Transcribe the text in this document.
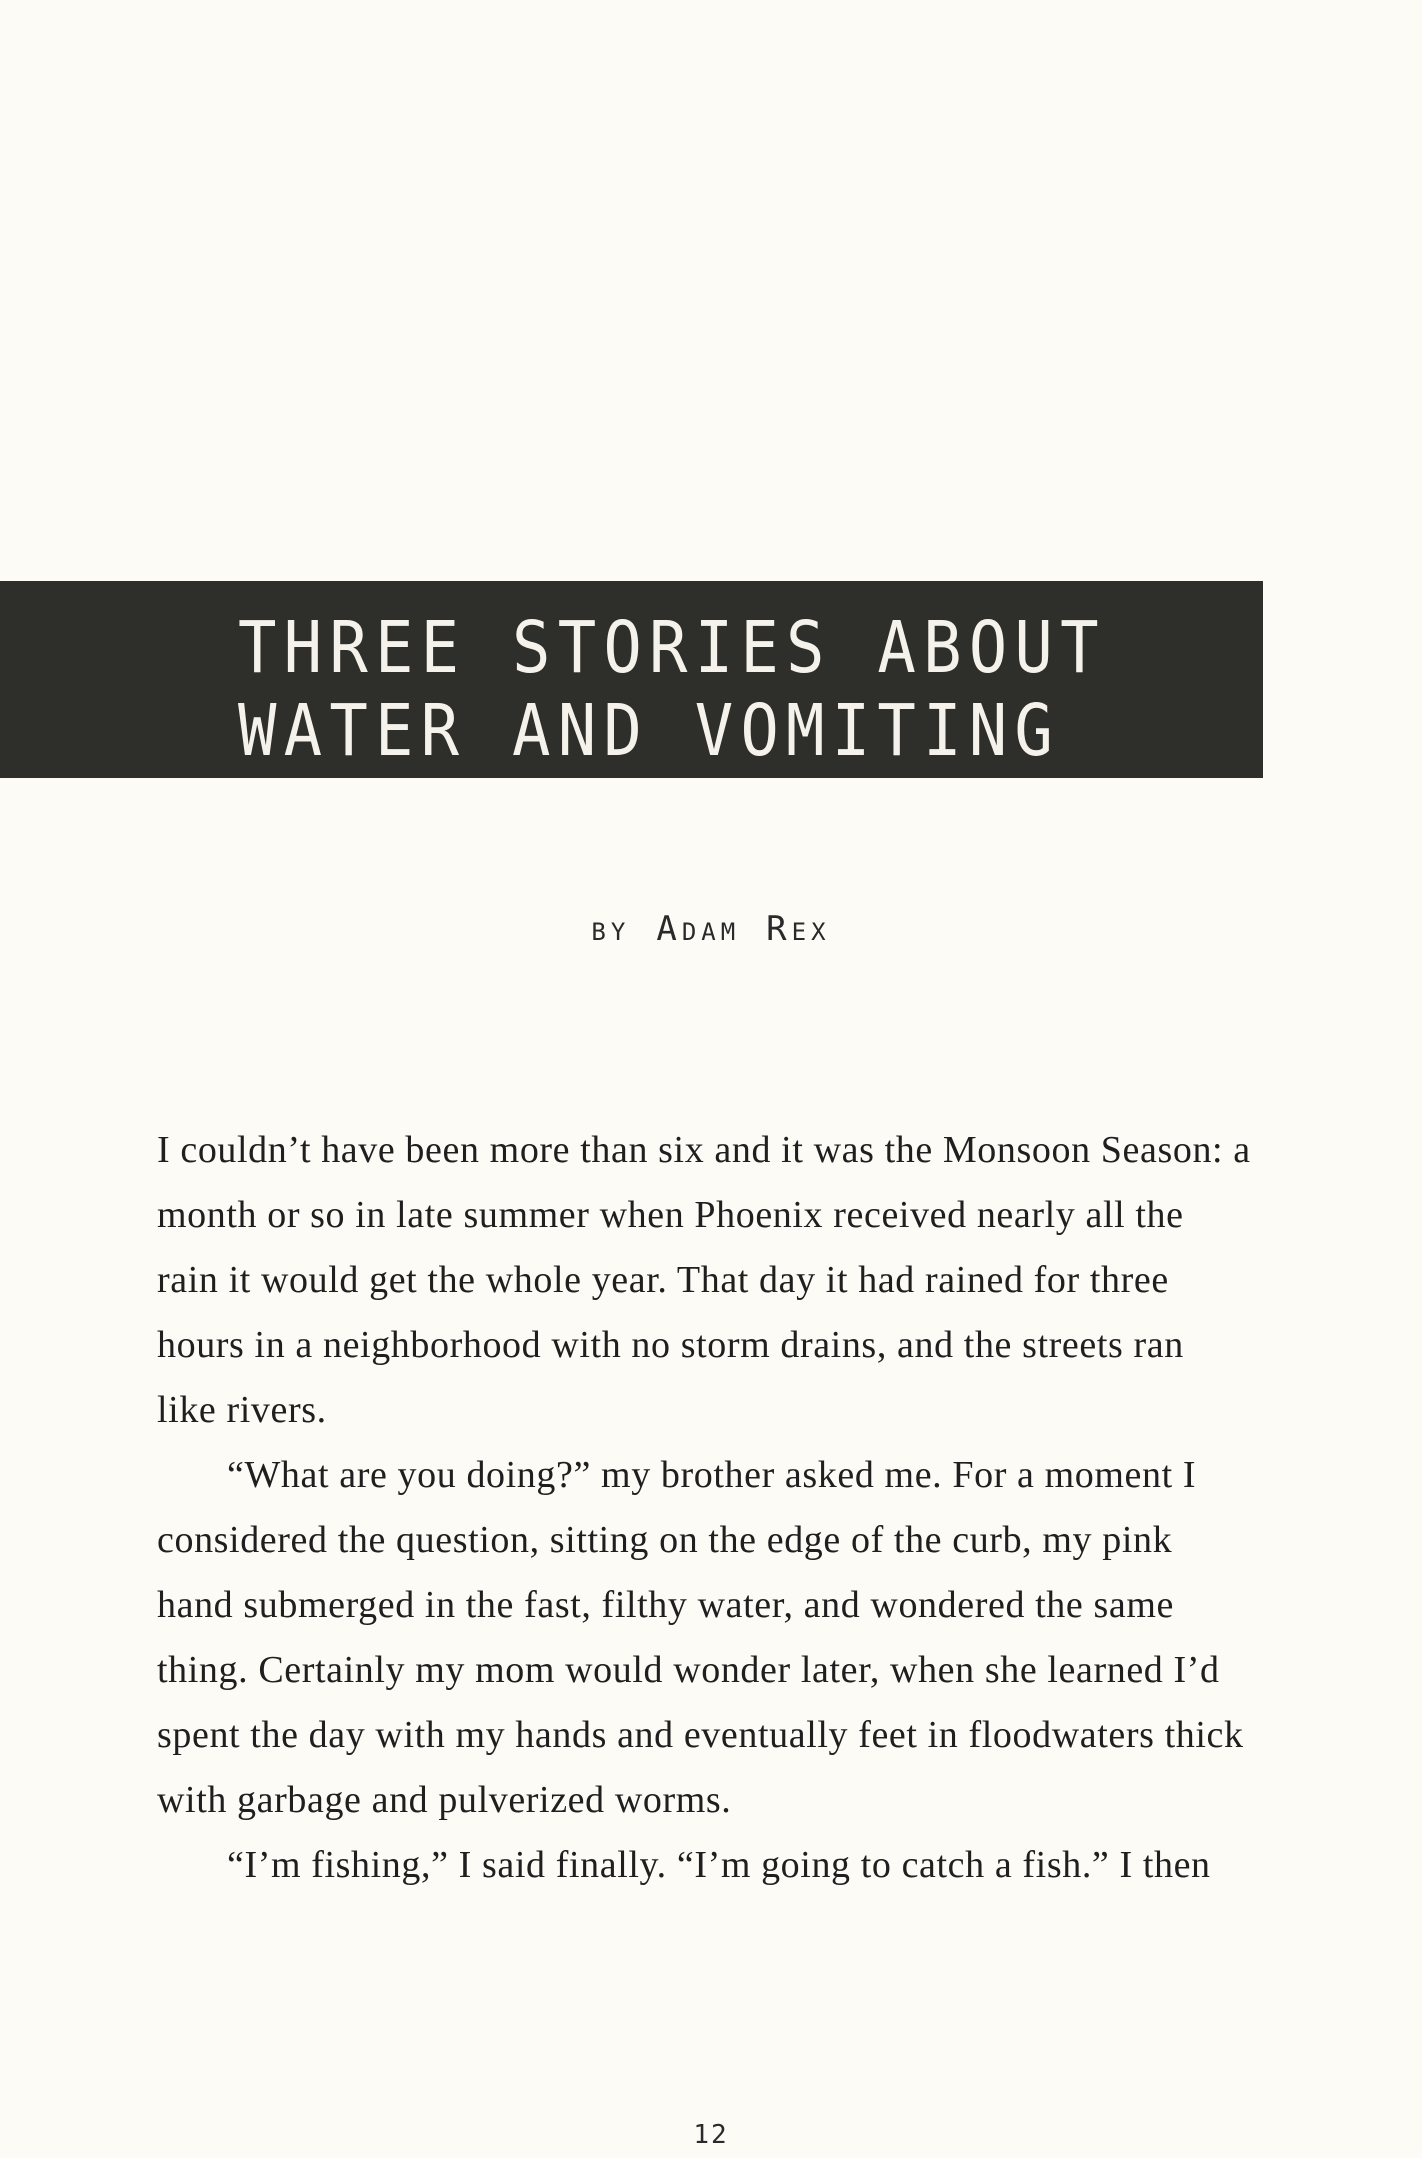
THREE STORIES ABOUT
WATER AND VOMITING
BY ADAM REX

I couldn’t have been more than six and it was the Monsoon Season: a month or so in late summer when Phoenix received nearly all the rain it would get the whole year. That day it had rained for three hours in a neighborhood with no storm drains, and the streets ran like rivers.

“What are you doing?” my brother asked me. For a moment I considered the question, sitting on the edge of the curb, my pink hand submerged in the fast, filthy water, and wondered the same thing. Certainly my mom would wonder later, when she learned I’d spent the day with my hands and eventually feet in floodwaters thick with garbage and pulverized worms.

“I’m fishing,” I said finally. “I’m going to catch a fish.” I then

12
